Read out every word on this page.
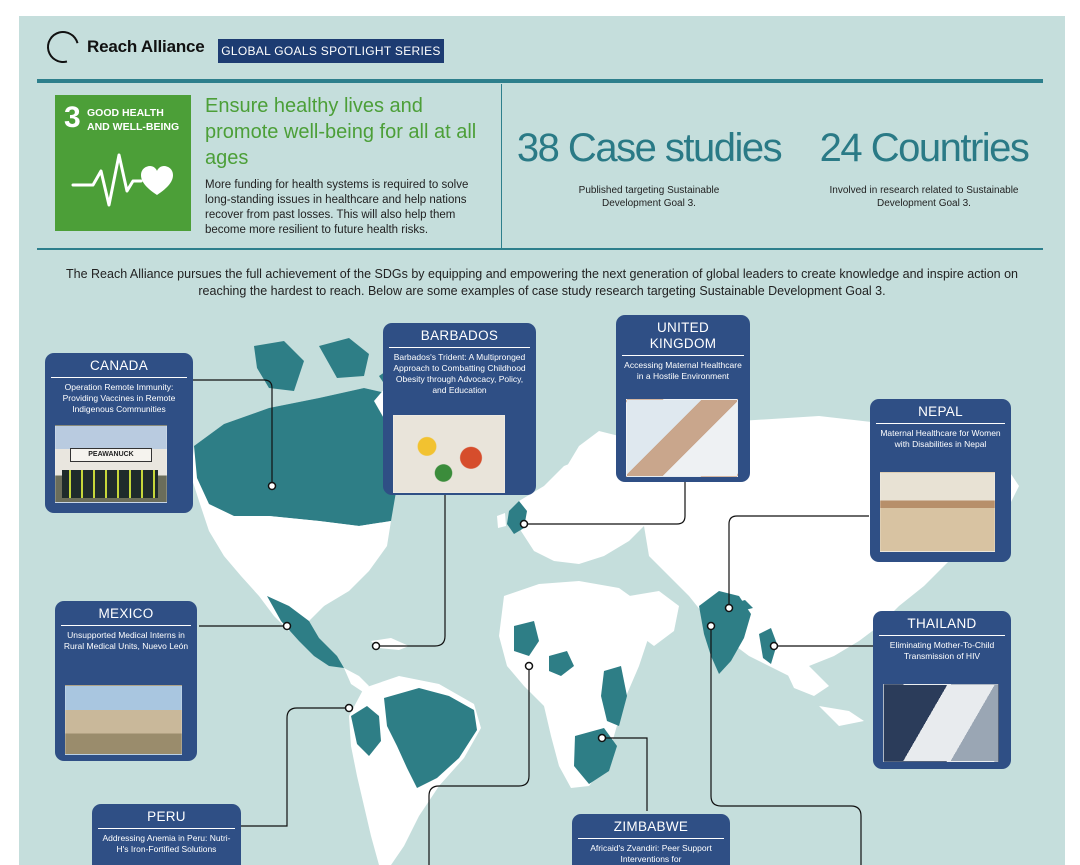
Reach Alliance GLOBAL GOALS SPOTLIGHT SERIES
3 GOOD HEALTH
AND WELL-BEING
Ensure healthy lives and promote well-being for all at all ages
More funding for health systems is required to solve long-standing issues in healthcare and help nations recover from past losses. This will also help them become more resilient to future health risks.
38 Case studies
Published targeting Sustainable Development Goal 3.
24 Countries
Involved in research related to Sustainable Development Goal 3.
The Reach Alliance pursues the full achievement of the SDGs by equipping and empowering the next generation of global leaders to create knowledge and inspire action on reaching the hardest to reach. Below are some examples of case study research targeting Sustainable Development Goal 3.
CANADA
Operation Remote Immunity: Providing Vaccines in Remote Indigenous Communities
PEAWANUCK
BARBADOS
Barbados's Trident: A Multipronged Approach to Combatting Childhood Obesity through Advocacy, Policy, and Education
UNITED KINGDOM
Accessing Maternal Healthcare in a Hostile Environment
NEPAL
Maternal Healthcare for Women with Disabilities in Nepal
MEXICO
Unsupported Medical Interns in Rural Medical Units, Nuevo León
THAILAND
Eliminating Mother-To-Child Transmission of HIV
PERU
Addressing Anemia in Peru: Nutri-H's Iron-Fortified Solutions
ZIMBABWE
Africaid's Zvandiri: Peer Support Interventions for
